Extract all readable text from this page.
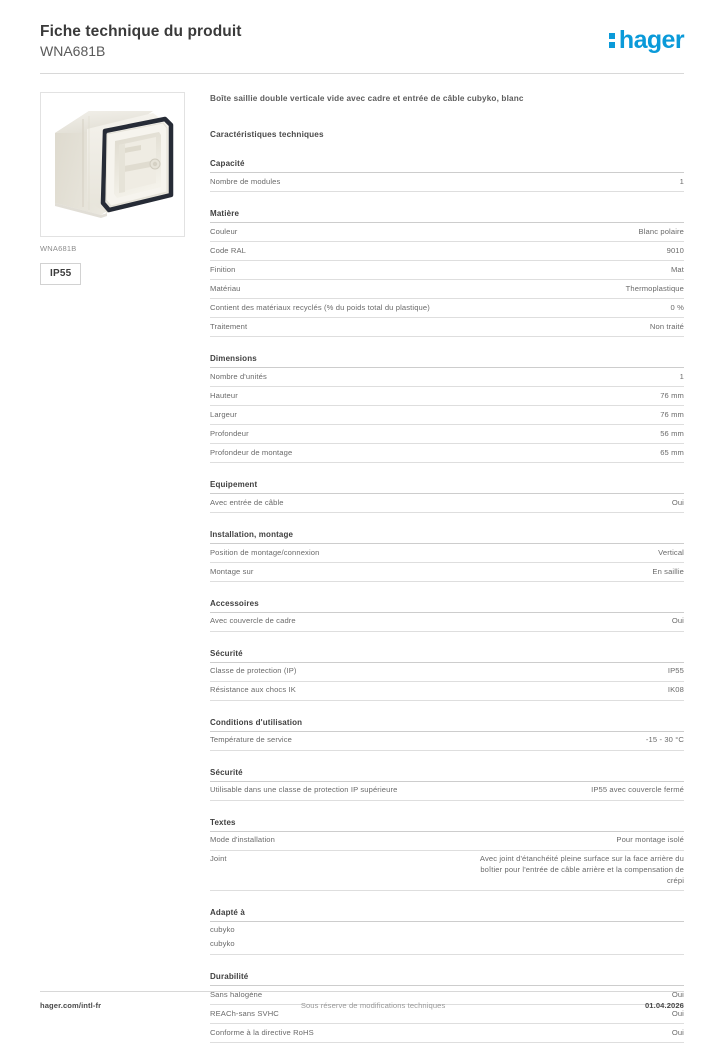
Fiche technique du produit
WNA681B	hager
WNA681B
IP55
Boîte saillie double verticale vide avec cadre et entrée de câble cubyko, blanc
Caractéristiques techniques
Capacité
Nombre de modules	1
Matière
Couleur	Blanc polaire
Code RAL	9010
Finition	Mat
Matériau	Thermoplastique
Contient des matériaux recyclés (% du poids total du plastique)	0 %
Traitement	Non traité
Dimensions
Nombre d'unités	1
Hauteur	76 mm
Largeur	76 mm
Profondeur	56 mm
Profondeur de montage	65 mm
Equipement
Avec entrée de câble	Oui
Installation, montage
Position de montage/connexion	Vertical
Montage sur	En saillie
Accessoires
Avec couvercle de cadre	Oui
Sécurité
Classe de protection (IP)	IP55
Résistance aux chocs IK	IK08
Conditions d'utilisation
Température de service	-15 - 30 °C
Sécurité
Utilisable dans une classe de protection IP supérieure	IP55 avec couvercle fermé
Textes
Mode d'installation	Pour montage isolé
Joint	Avec joint d'étanchéité pleine surface sur la face arrière du boîtier pour l'entrée de câble arrière et la compensation de crépi
Adapté à
cubyko
cubyko
Durabilité
Sans halogène	Oui
REACh-sans SVHC	Oui
Conforme à la directive RoHS	Oui
hager.com/intl-fr	Sous réserve de modifications techniques	01.04.2026
